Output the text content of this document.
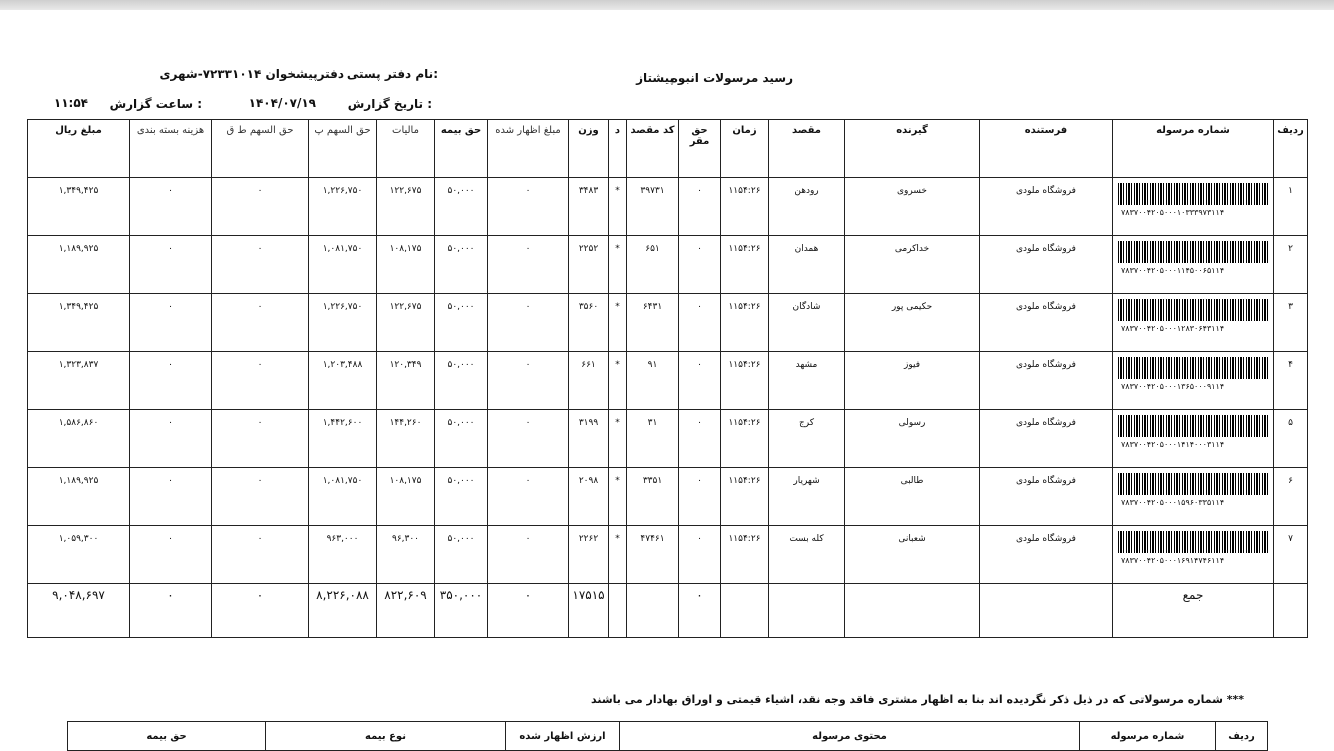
رسید مرسولات انبوه
پیشتاز
نام دفتر پستی:
دفترپیشخوان ۷۲۳۳۱۰۱۴-شهری
تاریخ گزارش :
۱۴۰۴/۰۷/۱۹
ساعت گزارش :
۱۱:۵۴
ردیف	شماره مرسوله	فرستنده	گیرنده	مقصد	زمان	حق مقر	کد مقصد	د	وزن	مبلغ اظهار شده	حق بیمه	مالیات	حق السهم پ	حق السهم ط ق	هزینه بسته بندی	مبلغ ریال
۱	۷۸۳۷۰۰۴۲۰۵۰۰۰۱۰۳۳۳۹۷۳۱۱۴	فروشگاه ملودی	خسروی	رودهن	۱۱۵۴:۲۶	۰	۳۹۷۳۱	*	۳۴۸۳	۰	۵۰,۰۰۰	۱۲۲,۶۷۵	۱,۲۲۶,۷۵۰	۰	۰	۱,۳۴۹,۴۲۵
۲	۷۸۳۷۰۰۴۲۰۵۰۰۰۱۱۴۵۰۰۶۵۱۱۴	فروشگاه ملودی	خداکرمی	همدان	۱۱۵۴:۲۶	۰	۶۵۱	*	۲۲۵۲	۰	۵۰,۰۰۰	۱۰۸,۱۷۵	۱,۰۸۱,۷۵۰	۰	۰	۱,۱۸۹,۹۲۵
۳	۷۸۳۷۰۰۴۲۰۵۰۰۰۱۲۸۳۰۶۴۳۱۱۴	فروشگاه ملودی	حکیمی پور	شادگان	۱۱۵۴:۲۶	۰	۶۴۳۱	*	۳۵۶۰	۰	۵۰,۰۰۰	۱۲۲,۶۷۵	۱,۲۲۶,۷۵۰	۰	۰	۱,۳۴۹,۴۲۵
۴	۷۸۳۷۰۰۴۲۰۵۰۰۰۱۳۶۵۰۰۰۹۱۱۴	فروشگاه ملودی	فیوز	مشهد	۱۱۵۴:۲۶	۰	۹۱	*	۶۶۱	۰	۵۰,۰۰۰	۱۲۰,۳۴۹	۱,۲۰۳,۴۸۸	۰	۰	۱,۳۲۳,۸۳۷
۵	۷۸۳۷۰۰۴۲۰۵۰۰۰۱۴۱۴۰۰۰۳۱۱۴	فروشگاه ملودی	رسولی	کرج	۱۱۵۴:۲۶	۰	۳۱	*	۳۱۹۹	۰	۵۰,۰۰۰	۱۴۴,۲۶۰	۱,۴۴۲,۶۰۰	۰	۰	۱,۵۸۶,۸۶۰
۶	۷۸۳۷۰۰۴۲۰۵۰۰۰۱۵۹۶۰۳۳۵۱۱۴	فروشگاه ملودی	طالبی	شهریار	۱۱۵۴:۲۶	۰	۳۳۵۱	*	۲۰۹۸	۰	۵۰,۰۰۰	۱۰۸,۱۷۵	۱,۰۸۱,۷۵۰	۰	۰	۱,۱۸۹,۹۲۵
۷	۷۸۳۷۰۰۴۲۰۵۰۰۰۱۶۹۱۴۷۴۶۱۱۴	فروشگاه ملودی	شعبانی	کله بست	۱۱۵۴:۲۶	۰	۴۷۴۶۱	*	۲۲۶۲	۰	۵۰,۰۰۰	۹۶,۳۰۰	۹۶۳,۰۰۰	۰	۰	۱,۰۵۹,۳۰۰
	جمع					۰			۱۷۵۱۵	۰	۳۵۰,۰۰۰	۸۲۲,۶۰۹	۸,۲۲۶,۰۸۸	۰	۰	۹,۰۴۸,۶۹۷
*** شماره مرسولاتی که در ذیل ذکر نگردیده اند بنا به اظهار مشتری فاقد وجه نقد، اشیاء قیمتی و اوراق بهادار می باشند
ردیف	شماره مرسوله	محتوی مرسوله	ارزش اظهار شده	نوع بیمه	حق بیمه
